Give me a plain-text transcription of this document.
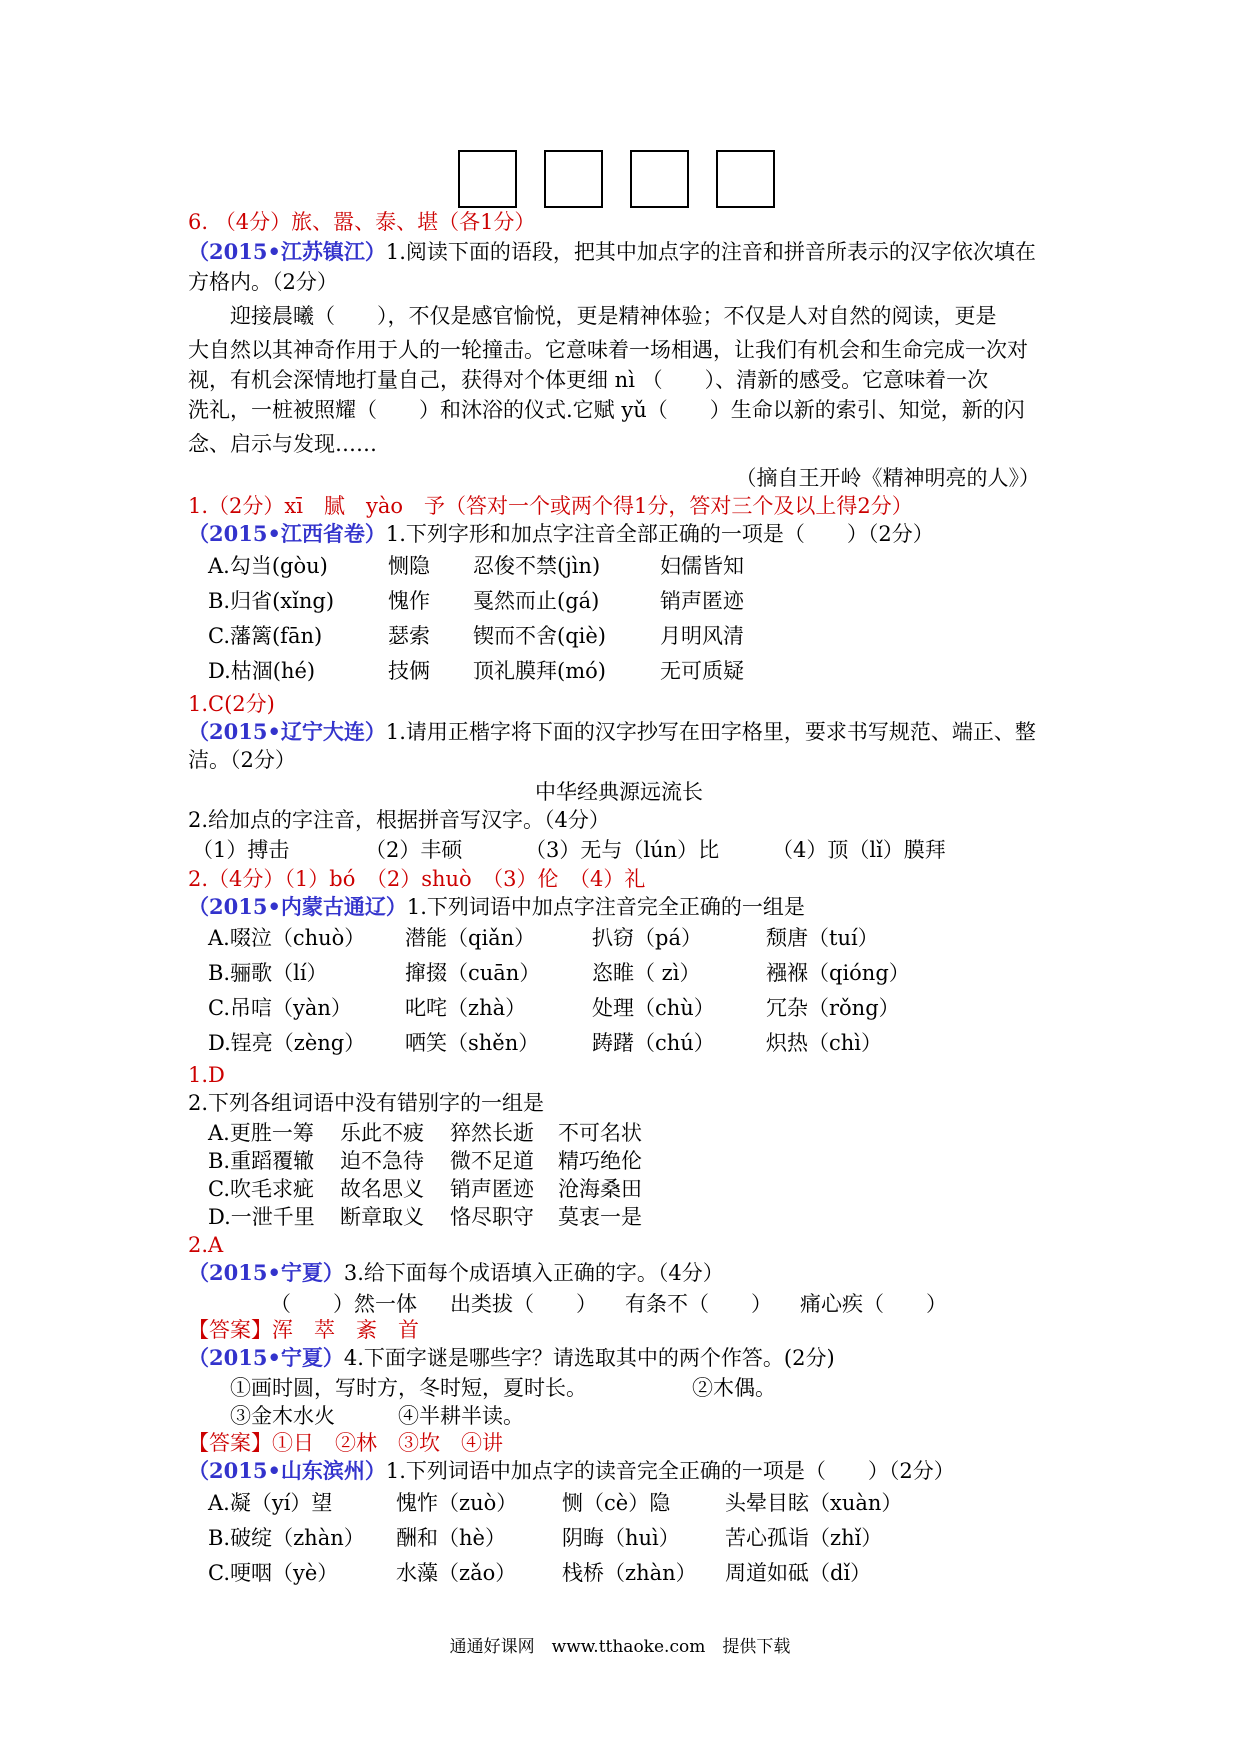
6. （4分）旅、嚣、泰、堪（各1分）
（2015•江苏镇江）1.阅读下面的语段，把其中加点字的注音和拼音所表示的汉字依次填在
方格内。（2分）
迎接晨曦（　　），不仅是感官愉悦，更是精神体验；不仅是人对自然的阅读，更是
大自然以其神奇作用于人的一轮撞击。它意味着一场相遇，让我们有机会和生命完成一次对
视，有机会深情地打量自己，获得对个体更细 nì （　　）、清新的感受。它意味着一次
洗礼，一桩被照耀（　　）和沐浴的仪式.它赋 yǔ（　　）生命以新的索引、知觉，新的闪
念、启示与发现……
（摘自王开岭《精神明亮的人》）
1.（2分）xī　腻　yào　予（答对一个或两个得1分，答对三个及以上得2分）
（2015•江西省卷）1.下列字形和加点字注音全部正确的一项是（　　）（2分）
A.勾当(gòu)	恻隐 忍俊不禁(jìn)	妇儒皆知
B.归省(xǐng)	愧作 戛然而止(gá)	销声匿迹
C.藩篱(fān)	瑟索 锲而不舍(qiè)	月明风清
D.枯涸(hé)	技俩 顶礼膜拜(mó)	无可质疑
1.C(2分)
（2015•辽宁大连）1.请用正楷字将下面的汉字抄写在田字格里，要求书写规范、端正、整
洁。（2分）
中华经典源远流长
2.给加点的字注音，根据拼音写汉字。（4分）
（1）搏击	（2）丰硕	（3）无与（lún）比	（4）顶（lǐ）膜拜
2.（4分）（1）bó　（2）shuò　（3）伦　（4）礼
（2015•内蒙古通辽）1.下列词语中加点字注音完全正确的一组是
A.啜泣（chuò） 潜能（qiǎn）	扒窃（pá）	颓唐（tuí）
B.骊歌（lí）	撺掇（cuān） 恣睢（ zì）	襁褓（qióng）
C.吊唁（yàn）	叱咤（zhà）	处理（chù） 冗杂（rǒng）
D.锃亮（zèng） 哂笑（shěn）	踌躇（chú） 炽热（chì）
1.D
2.下列各组词语中没有错别字的一组是
A.更胜一筹 乐此不疲 猝然长逝 不可名状
B.重蹈覆辙 迫不急待 微不足道 精巧绝伦
C.吹毛求疵 故名思义 销声匿迹 沧海桑田
D.一泄千里 断章取义 恪尽职守 莫衷一是
2.A
（2015•宁夏）3.给下面每个成语填入正确的字。（4分）
（　　）然一体 出类拔（　　） 有条不（　　） 痛心疾（　　）
【答案】浑　萃　紊　首
（2015•宁夏）4.下面字谜是哪些字？请选取其中的两个作答。(2分)
①画时圆，写时方，冬时短，夏时长。	②木偶。
③金木水火	④半耕半读。
【答案】①日　②林　③坎　④讲
（2015•山东滨州）1.下列词语中加点字的读音完全正确的一项是（　　）（2分）
A.凝（yí）望	愧怍（zuò） 恻（cè）隐	头晕目眩（xuàn）
B.破绽（zhàn） 酬和（hè）	阴晦（huì） 苦心孤诣（zhǐ）
C.哽咽（yè）	水藻（zǎo） 栈桥（zhàn） 周道如砥（dǐ）
通通好课网　www.tthaoke.com　提供下载
